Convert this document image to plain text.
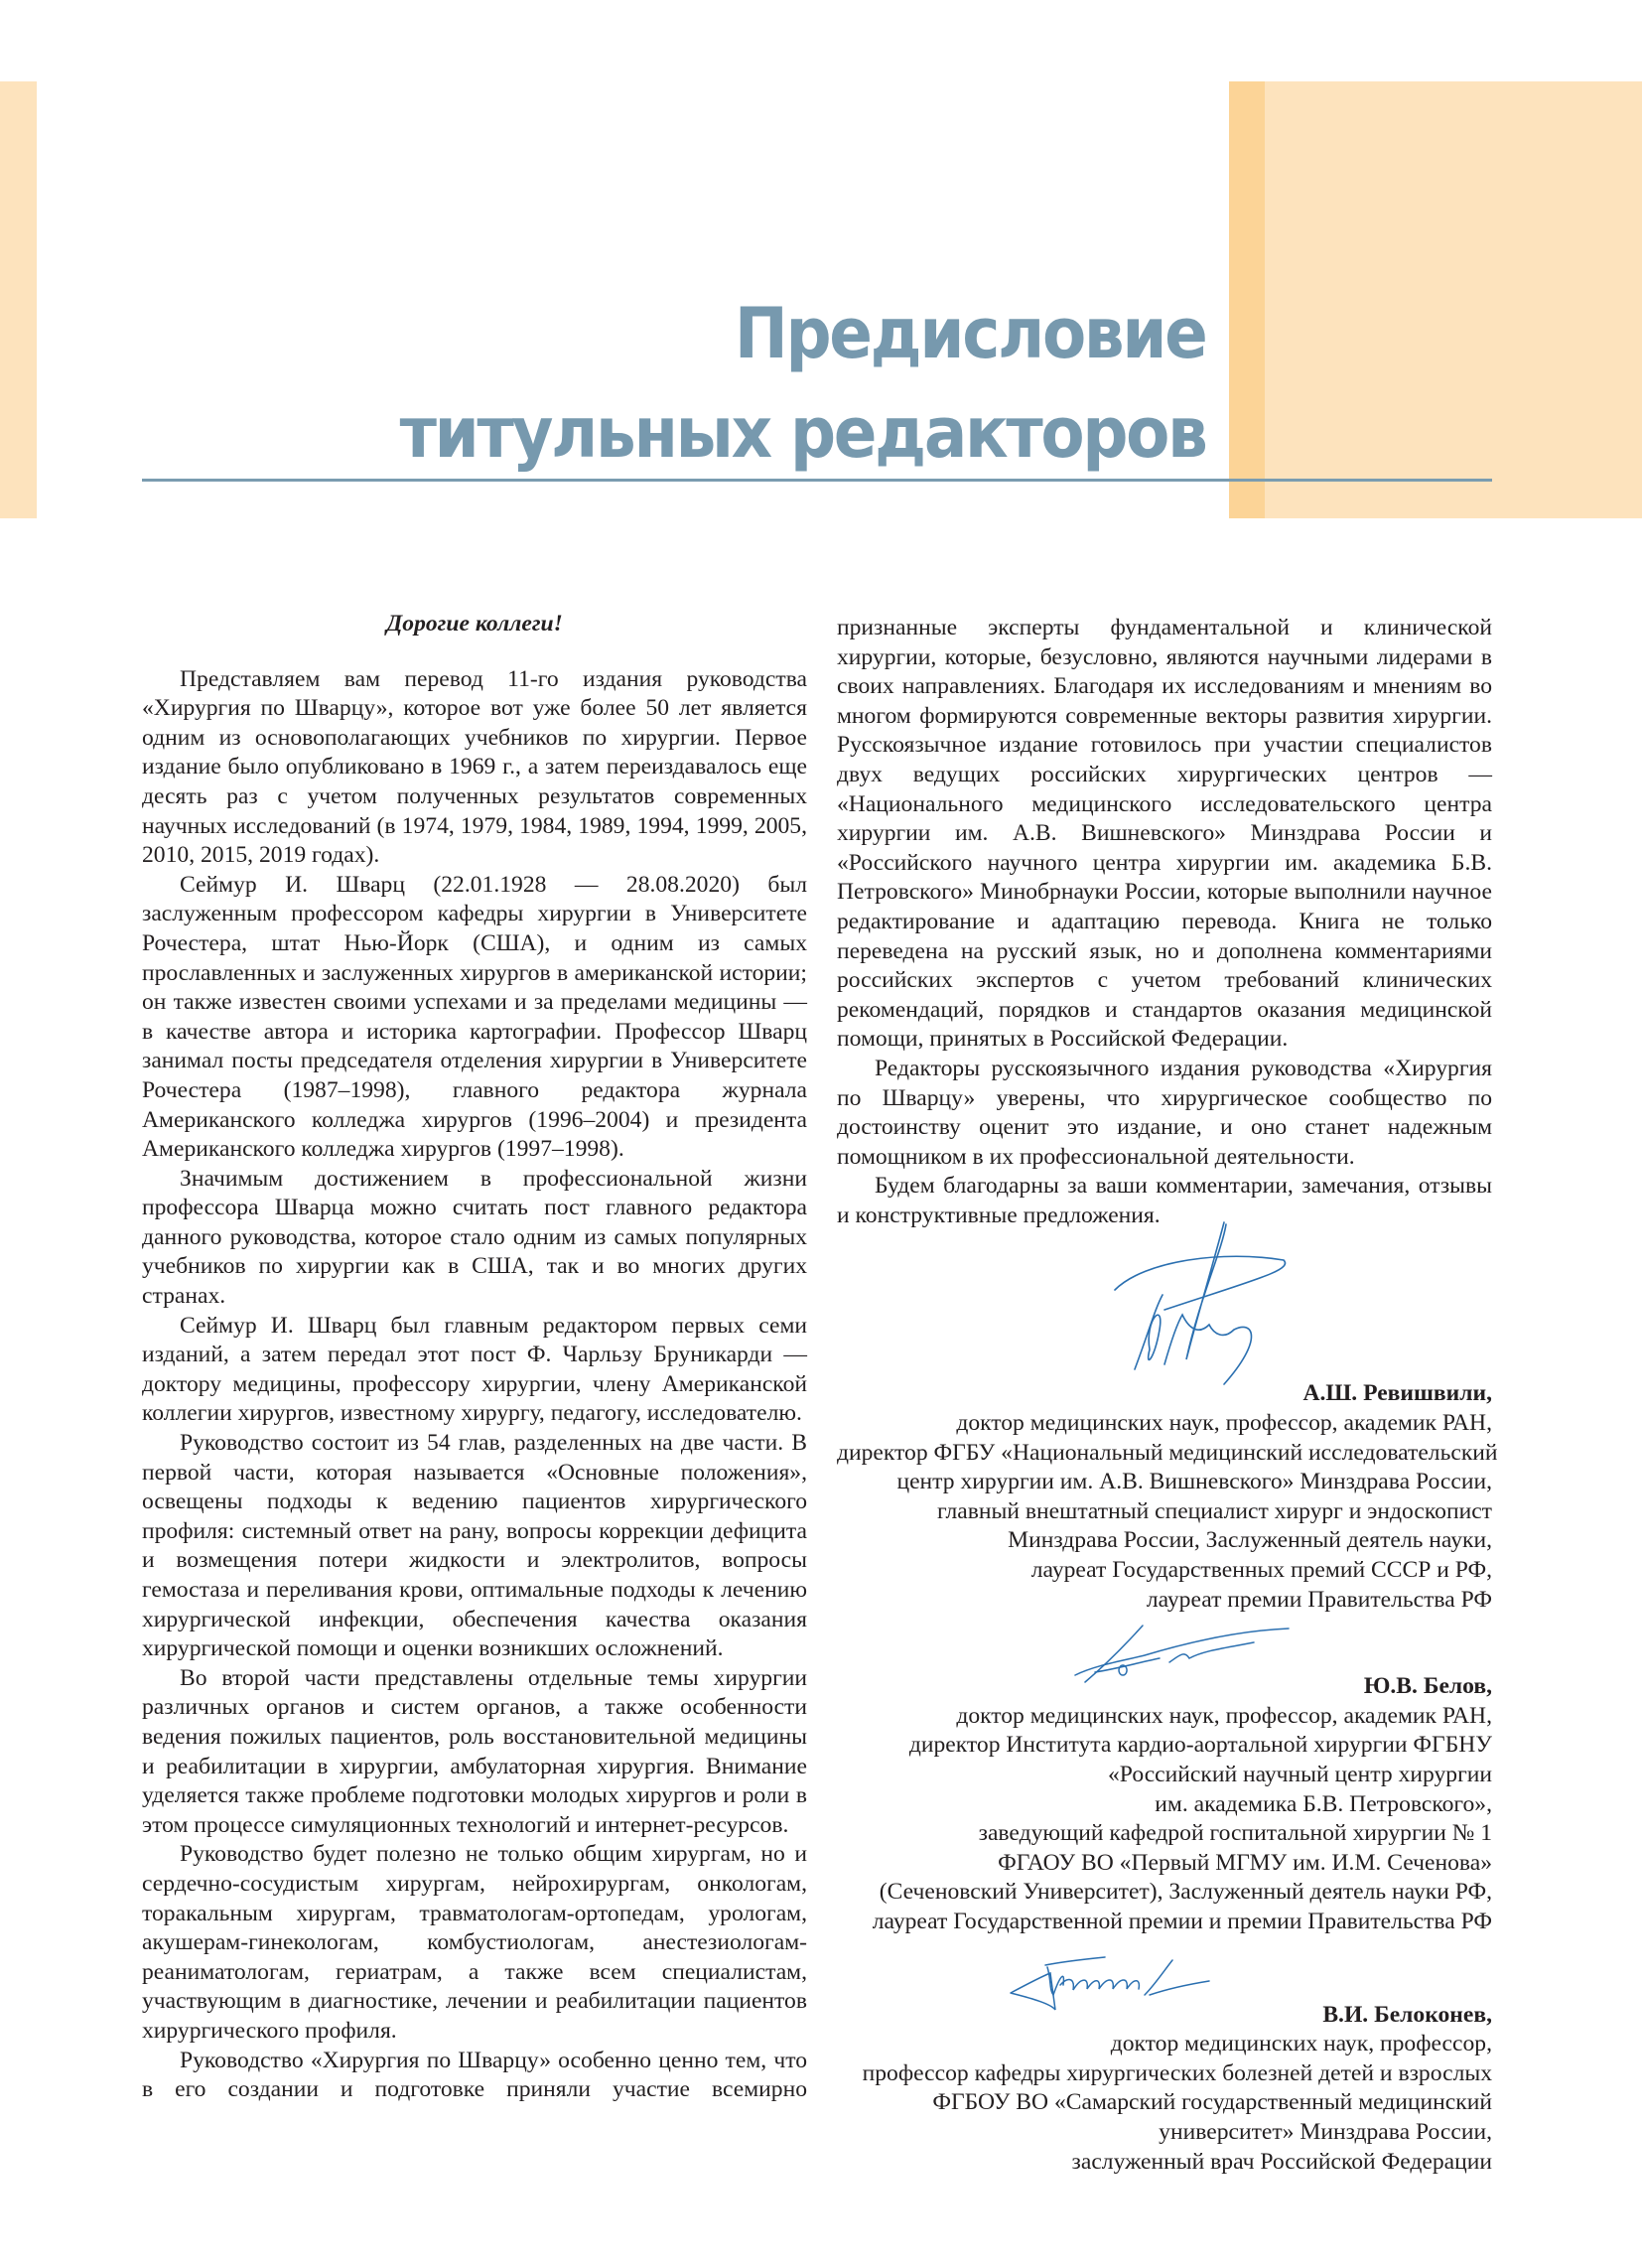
Предисловие
титульных редакторов

Дорогие коллеги!

Представляем вам перевод 11-го издания руководства «Хирургия по Шварцу», которое вот уже более 50 лет является одним из основополагающих учебников по хирургии. Первое издание было опубликовано в 1969 г., а затем переиздавалось еще десять раз с учетом полученных результатов современных научных исследований (в 1974, 1979, 1984, 1989, 1994, 1999, 2005, 2010, 2015, 2019 годах).

Сеймур И. Шварц (22.01.1928 — 28.08.2020) был заслуженным профессором кафедры хирургии в Университете Рочестера, штат Нью-Йорк (США), и одним из самых прославленных и заслуженных хирургов в американской истории; он также известен своими успехами и за пределами медицины — в качестве автора и историка картографии. Профессор Шварц занимал посты председателя отделения хирургии в Университете Рочестера (1987–1998), главного редактора журнала Американского колледжа хирургов (1996–2004) и президента Американского колледжа хирургов (1997–1998).

Значимым достижением в профессиональной жизни профессора Шварца можно считать пост главного редактора данного руководства, которое стало одним из самых популярных учебников по хирургии как в США, так и во многих других странах.

Сеймур И. Шварц был главным редактором первых семи изданий, а затем передал этот пост Ф. Чарльзу Бруникарди — доктору медицины, профессору хирургии, члену Американской коллегии хирургов, известному хирургу, педагогу, исследователю.

Руководство состоит из 54 глав, разделенных на две части. В первой части, которая называется «Основные положения», освещены подходы к ведению пациентов хирургического профиля: системный ответ на рану, вопросы коррекции дефицита и возмещения потери жидкости и электролитов, вопросы гемостаза и переливания крови, оптимальные подходы к лечению хирургической инфекции, обеспечения качества оказания хирургической помощи и оценки возникших осложнений.

Во второй части представлены отдельные темы хирургии различных органов и систем органов, а также особенности ведения пожилых пациентов, роль восстановительной медицины и реабилитации в хирургии, амбулаторная хирургия. Внимание уделяется также проблеме подготовки молодых хирургов и роли в этом процессе симуляционных технологий и интернет-ресурсов.

Руководство будет полезно не только общим хирургам, но и сердечно-сосудистым хирургам, нейрохирургам, онкологам, торакальным хирургам, травматологам-ортопедам, урологам, акушерам-гинекологам, комбустиологам, анестезиологам-реаниматологам, гериатрам, а также всем специалистам, участвующим в диагностике, лечении и реабилитации пациентов хирургического профиля.

Руководство «Хирургия по Шварцу» особенно ценно тем, что в его создании и подготовке приняли участие всемирно

признанные эксперты фундаментальной и клинической хирургии, которые, безусловно, являются научными лидерами в своих направлениях. Благодаря их исследованиям и мнениям во многом формируются современные векторы развития хирургии. Русскоязычное издание готовилось при участии специалистов двух ведущих российских хирургических центров — «Национального медицинского исследовательского центра хирургии им. А.В. Вишневского» Минздрава России и «Российского научного центра хирургии им. академика Б.В. Петровского» Минобрнауки России, которые выполнили научное редактирование и адаптацию перевода. Книга не только переведена на русский язык, но и дополнена комментариями российских экспертов с учетом требований клинических рекомендаций, порядков и стандартов оказания медицинской помощи, принятых в Российской Федерации.

Редакторы русскоязычного издания руководства «Хирургия по Шварцу» уверены, что хирургическое сообщество по достоинству оценит это издание, и оно станет надежным помощником в их профессиональной деятельности.

Будем благодарны за ваши комментарии, замечания, отзывы и конструктивные предложения.

А.Ш. Ревишвили,
доктор медицинских наук, профессор, академик РАН,
директор ФГБУ «Национальный медицинский исследовательский
центр хирургии им. А.В. Вишневского» Минздрава России,
главный внештатный специалист хирург и эндоскопист
Минздрава России, Заслуженный деятель науки,
лауреат Государственных премий СССР и РФ,
лауреат премии Правительства РФ
Ю.В. Белов,
доктор медицинских наук, профессор, академик РАН,
директор Института кардио-аортальной хирургии ФГБНУ
«Российский научный центр хирургии
им. академика Б.В. Петровского»,
заведующий кафедрой госпитальной хирургии № 1
ФГАОУ ВО «Первый МГМУ им. И.М. Сеченова»
(Сеченовский Университет), Заслуженный деятель науки РФ,
лауреат Государственной премии и премии Правительства РФ
В.И. Белоконев,
доктор медицинских наук, профессор,
профессор кафедры хирургических болезней детей и взрослых
ФГБОУ ВО «Самарский государственный медицинский
университет» Минздрава России,
заслуженный врач Российской Федерации
